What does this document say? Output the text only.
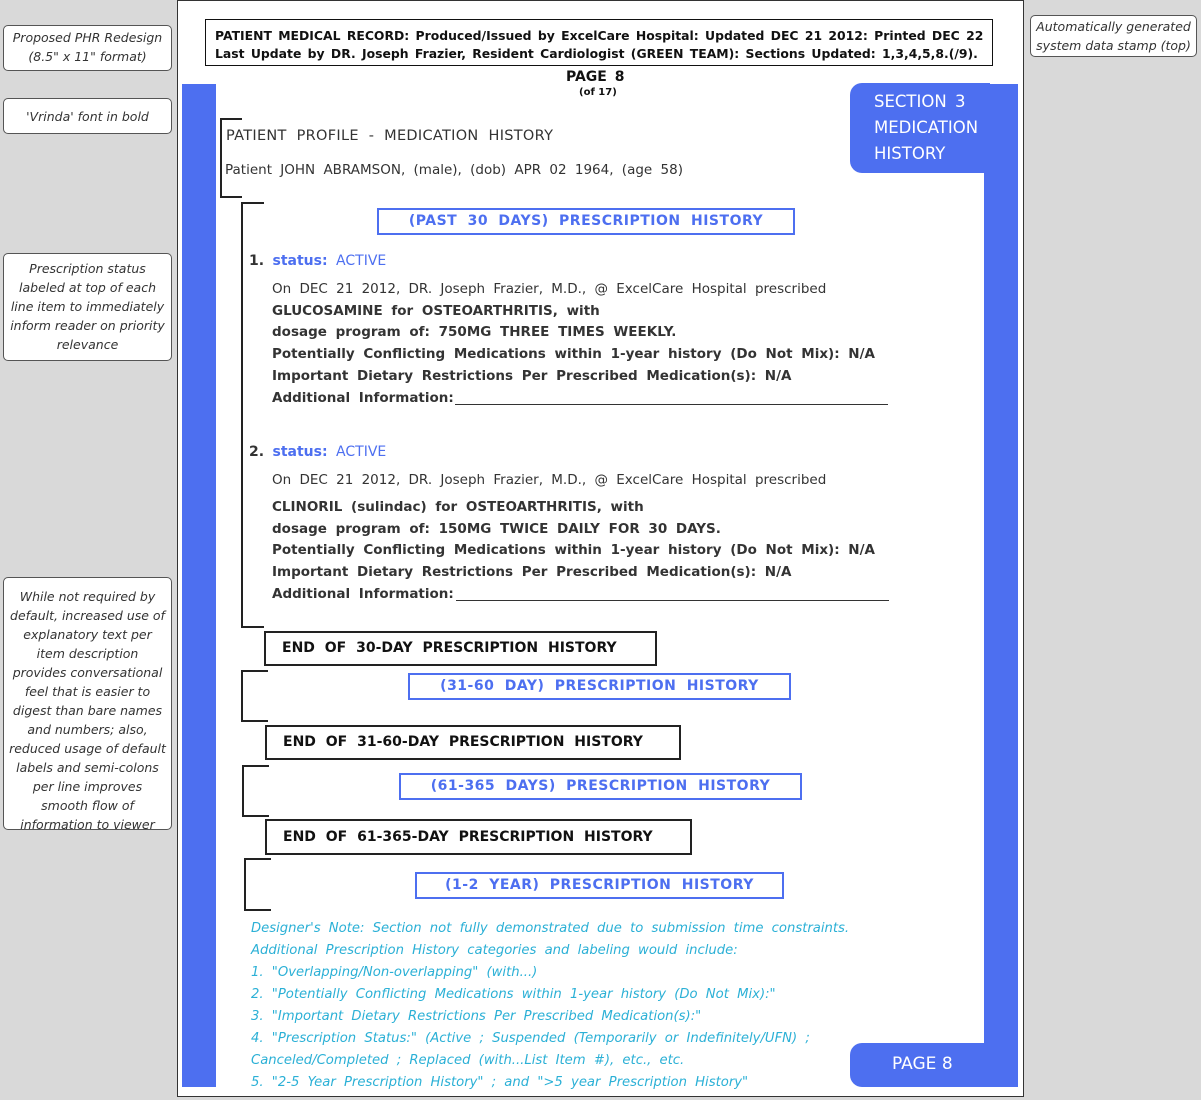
Proposed PHR Redesign
(8.5" x 11" format)
'Vrinda' font in bold
Prescription status labeled at top of each line item to immediately inform reader on priority relevance
While not required by default, increased use of explanatory text per item description provides conversational feel that is easier to digest than bare names and numbers; also, reduced usage of default labels and semi-colons per line improves smooth flow of information to viewer
Automatically generated system data stamp (top)
PATIENT MEDICAL RECORD: Produced/Issued by ExcelCare Hospital: Updated DEC 21 2012: Printed DEC 22
Last Update by DR. Joseph Frazier, Resident Cardiologist (GREEN TEAM): Sections Updated: 1,3,4,5,8.(/9).
PAGE 8
(of 17)	SECTION 3
MEDICATION
HISTORY
PAGE 8
PATIENT PROFILE - MEDICATION HISTORY
Patient JOHN ABRAMSON, (male), (dob) APR 02 1964, (age 58)
(PAST 30 DAYS) PRESCRIPTION HISTORY
1. status: ACTIVE
On DEC 21 2012, DR. Joseph Frazier, M.D., @ ExcelCare Hospital prescribed
GLUCOSAMINE for OSTEOARTHRITIS, with
dosage program of: 750MG THREE TIMES WEEKLY.
Potentially Conflicting Medications within 1-year history (Do Not Mix): N/A
Important Dietary Restrictions Per Prescribed Medication(s): N/A
Additional Information:
2. status: ACTIVE
On DEC 21 2012, DR. Joseph Frazier, M.D., @ ExcelCare Hospital prescribed
CLINORIL (sulindac) for OSTEOARTHRITIS, with
dosage program of: 150MG TWICE DAILY FOR 30 DAYS.
Potentially Conflicting Medications within 1-year history (Do Not Mix): N/A
Important Dietary Restrictions Per Prescribed Medication(s): N/A
Additional Information:
END OF 30-DAY PRESCRIPTION HISTORY
(31-60 DAY) PRESCRIPTION HISTORY
END OF 31-60-DAY PRESCRIPTION HISTORY
(61-365 DAYS) PRESCRIPTION HISTORY
END OF 61-365-DAY PRESCRIPTION HISTORY
(1-2 YEAR) PRESCRIPTION HISTORY
Designer's Note: Section not fully demonstrated due to submission time constraints.
Additional Prescription History categories and labeling would include:
1. "Overlapping/Non-overlapping" (with...)
2. "Potentially Conflicting Medications within 1-year history (Do Not Mix):"
3. "Important Dietary Restrictions Per Prescribed Medication(s):"
4. "Prescription Status:" (Active ; Suspended (Temporarily or Indefinitely/UFN) ;
Canceled/Completed ; Replaced (with...List Item #), etc., etc.
5. "2-5 Year Prescription History" ; and ">5 year Prescription History"
